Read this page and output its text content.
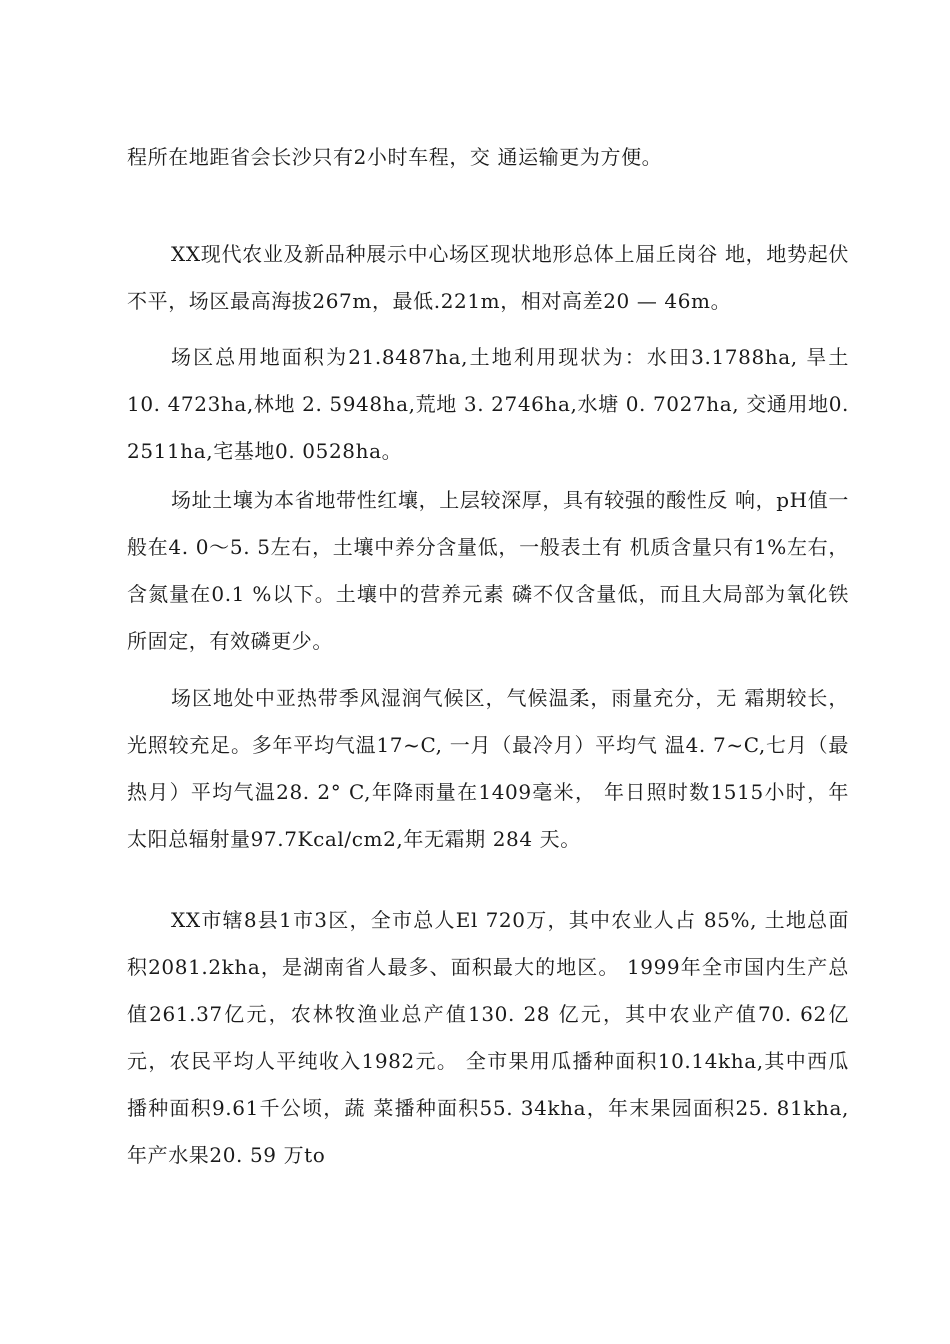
程所在地距省会长沙只有2小时车程，交 通运输更为方便。

XX现代农业及新品种展示中心场区现状地形总体上届丘岗谷 地，地势起伏不平，场区最高海拔267m，最低.221m，相对高差20 — 46m。

场区总用地面积为21.8487ha,土地利用现状为：水田3.1788ha, 旱土10. 4723ha,林地 2. 5948ha,荒地 3. 2746ha,水塘 0. 7027ha, 交通用地0. 2511ha,宅基地0. 0528ha。

场址土壤为本省地带性红壤，上层较深厚，具有较强的酸性反 响，pH值一般在4. 0〜5. 5左右，土壤中养分含量低，一般表土有 机质含量只有1%左右，含氮量在0.1 %以下。土壤中的营养元素 磷不仅含量低，而且大局部为氧化铁所固定，有效磷更少。

场区地处中亚热带季风湿润气候区，气候温柔，雨量充分，无 霜期较长，光照较充足。多年平均气温17~C, 一月（最冷月）平均气 温4. 7~C,七月（最热月）平均气温28. 2° C,年降雨量在1409毫米， 年日照时数1515小时，年太阳总辐射量97.7Kcal/cm2,年无霜期 284 天。

XX市辖8县1市3区，全市总人El 720万，其中农业人占 85%, 土地总面积2081.2kha，是湖南省人最多、面积最大的地区。 1999年全市国内生产总值261.37亿元，农林牧渔业总产值130. 28 亿元，其中农业产值70. 62亿元，农民平均人平纯收入1982元。 全市果用瓜播种面积10.14kha,其中西瓜播种面积9.61千公顷，蔬 菜播种面积55. 34kha，年末果园面积25. 81kha,年产水果20. 59 万to
